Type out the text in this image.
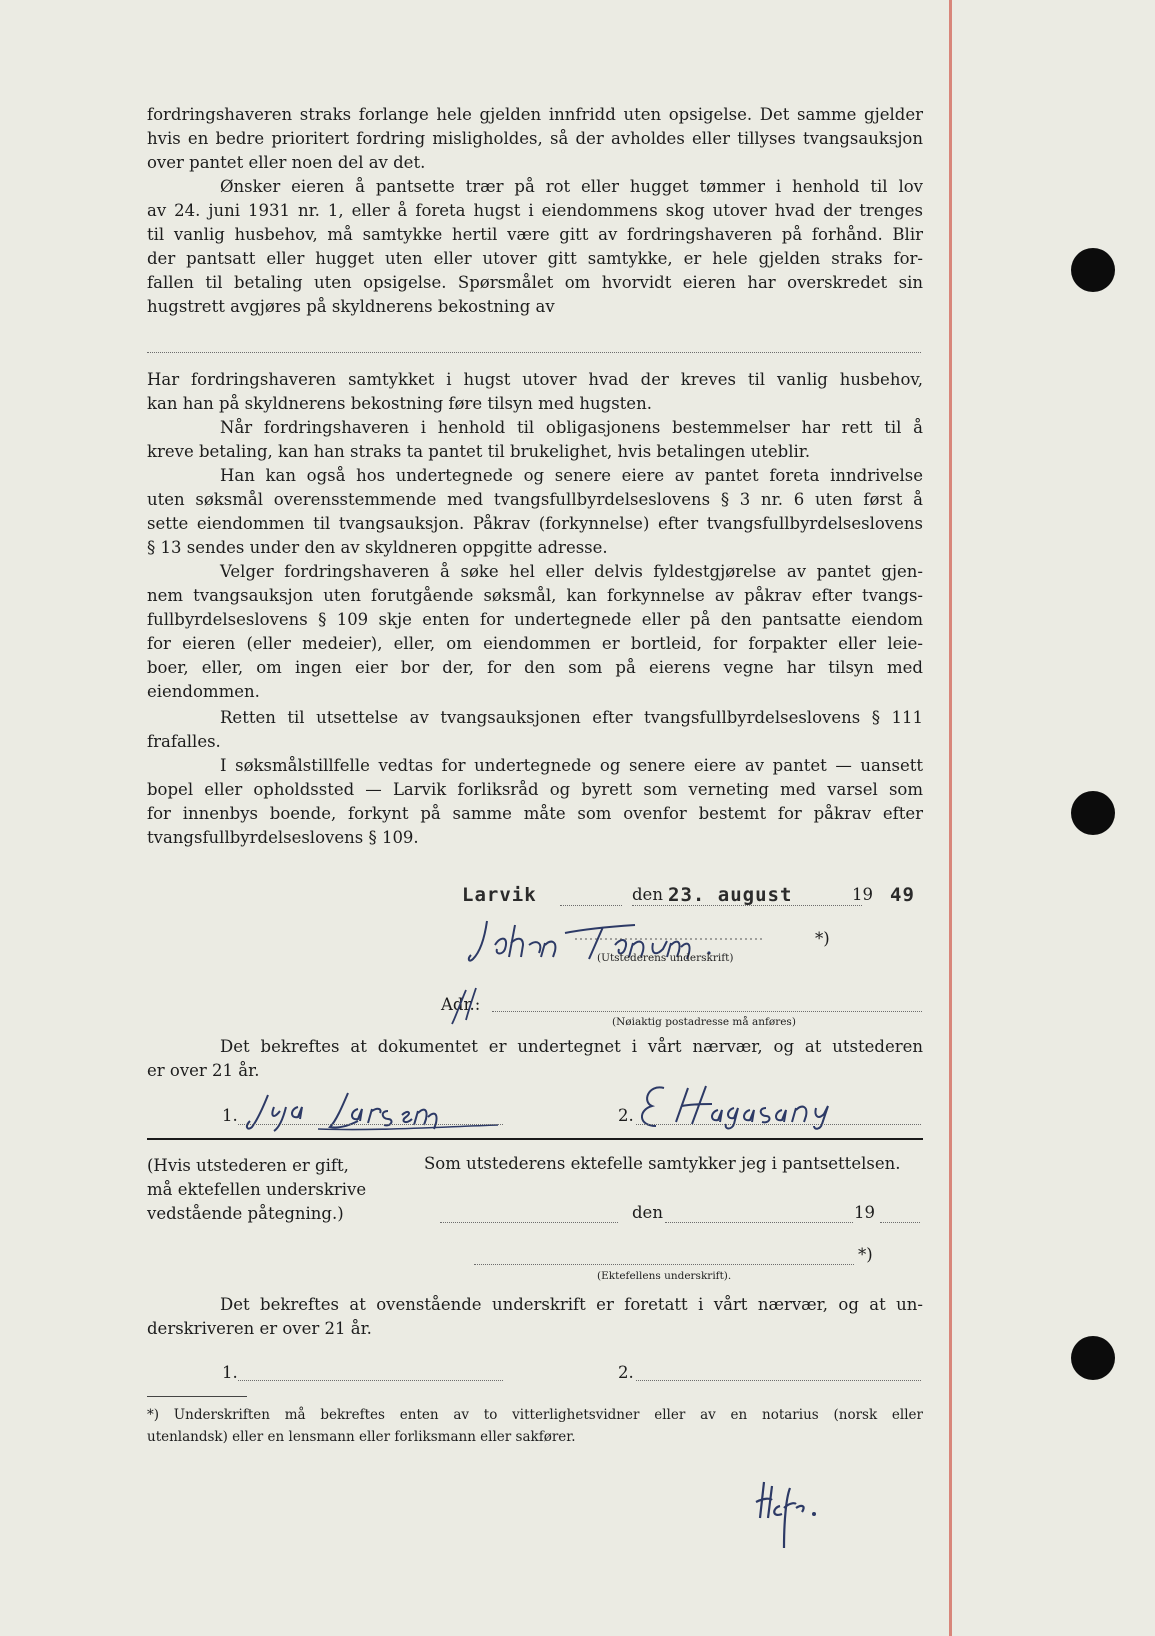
fordringshaveren straks forlange hele gjelden innfridd uten opsigelse. Det samme gjelder

hvis en bedre prioritert fordring misligholdes, så der avholdes eller tillyses tvangsauksjon

over pantet eller noen del av det.

Ønsker eieren å pantsette trær på rot eller hugget tømmer i henhold til lov

av 24. juni 1931 nr. 1, eller å foreta hugst i eiendommens skog utover hvad der trenges

til vanlig husbehov, må samtykke hertil være gitt av fordringshaveren på forhånd. Blir

der pantsatt eller hugget uten eller utover gitt samtykke, er hele gjelden straks for-

fallen til betaling uten opsigelse. Spørsmålet om hvorvidt eieren har overskredet sin

hugstrett avgjøres på skyldnerens bekostning av

Har fordringshaveren samtykket i hugst utover hvad der kreves til vanlig husbehov,

kan han på skyldnerens bekostning føre tilsyn med hugsten.

Når fordringshaveren i henhold til obligasjonens bestemmelser har rett til å

kreve betaling, kan han straks ta pantet til brukelighet, hvis betalingen uteblir.

Han kan også hos undertegnede og senere eiere av pantet foreta inndrivelse

uten søksmål overensstemmende med tvangsfullbyrdelseslovens § 3 nr. 6 uten først å

sette eiendommen til tvangsauksjon. Påkrav (forkynnelse) efter tvangsfullbyrdelseslovens

§ 13 sendes under den av skyldneren oppgitte adresse.

Velger fordringshaveren å søke hel eller delvis fyldestgjørelse av pantet gjen-

nem tvangsauksjon uten forutgående søksmål, kan forkynnelse av påkrav efter tvangs-

fullbyrdelseslovens § 109 skje enten for undertegnede eller på den pantsatte eiendom

for eieren (eller medeier), eller, om eiendommen er bortleid, for forpakter eller leie-

boer, eller, om ingen eier bor der, for den som på eierens vegne har tilsyn med

eiendommen.

Retten til utsettelse av tvangsauksjonen efter tvangsfullbyrdelseslovens § 111

frafalles.

I søksmålstillfelle vedtas for undertegnede og senere eiere av pantet — uansett

bopel eller opholdssted — Larvik forliksråd og byrett som verneting med varsel som

for innenbys boende, forkynt på samme måte som ovenfor bestemt for påkrav efter

tvangsfullbyrdelseslovens § 109.

Larvik	den 23. august	19 49
*)
(Utstederens underskrift)
Adr.:
(Nøiaktig postadresse må anføres)

Det bekreftes at dokumentet er undertegnet i vårt nærvær, og at utstederen

er over 21 år.

1.	2.

(Hvis utstederen er gift,

må ektefellen underskrive

vedstående påtegning.)

Som utstederens ektefelle samtykker jeg i pantsettelsen.
den	19
*)
(Ektefellens underskrift).

Det bekreftes at ovenstående underskrift er foretatt i vårt nærvær, og at un-

derskriveren er over 21 år.

1.	2.

*) Underskriften må bekreftes enten av to vitterlighetsvidner eller av en notarius (norsk eller

utenlandsk) eller en lensmann eller forliksmann eller sakfører.
